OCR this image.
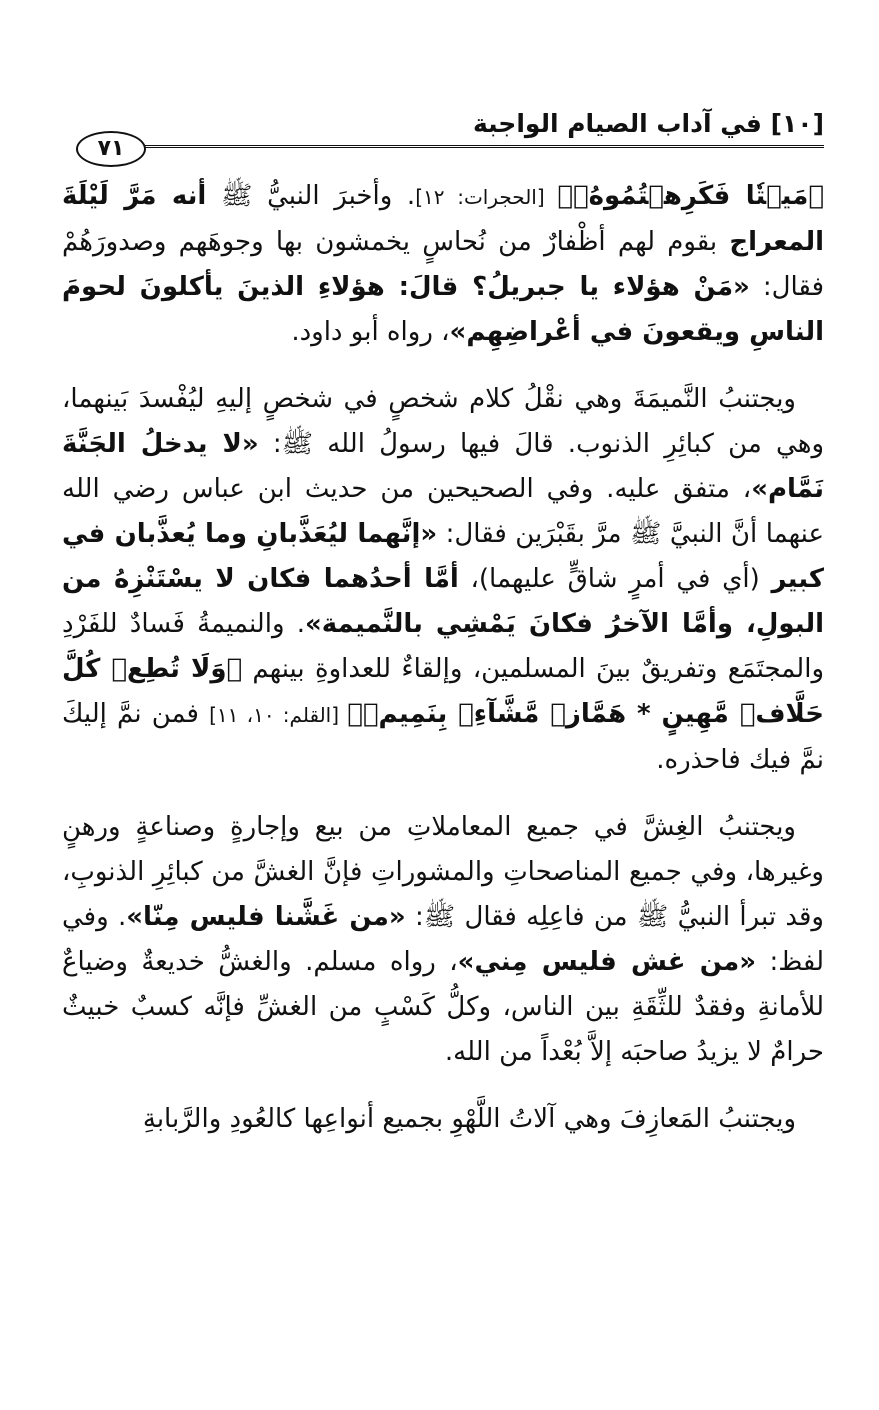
[١٠] في آداب الصيام الواجبة
٧١

﴿مَيۡتٗا فَكَرِهۡتُمُوهُۚ﴾ [الحجرات: ١٢]. وأخبرَ النبيُّ ﷺ أنه مَرَّ لَيْلَةَ المعراج بقوم لهم أظْفارٌ من نُحاسٍ يخمشون بها وجوهَهم وصدورَهُمْ فقال: «مَنْ هؤلاء يا جبريلُ؟ قالَ: هؤلاءِ الذينَ يأكلونَ لحومَ الناسِ ويقعونَ في أعْراضِهِم»، رواه أبو داود.

ويجتنبُ النَّميمَةَ وهي نقْلُ كلام شخصٍ في شخصٍ إليهِ ليُفْسدَ بَينهما، وهي من كبائِرِ الذنوب. قالَ فيها رسولُ الله ﷺ: «لا يدخلُ الجَنَّةَ نَمَّام»، متفق عليه. وفي الصحيحين من حديث ابن عباس رضي الله عنهما أنَّ النبيَّ ﷺ مرَّ بقَبْرَين فقال: «إنَّهما ليُعَذَّبانِ وما يُعذَّبان في كبير (أي في أمرٍ شاقٍّ عليهما)، أمَّا أحدُهما فكان لا يسْتَنْزِهُ من البولِ، وأمَّا الآخرُ فكانَ يَمْشِي بالنَّميمة». والنميمةُ فَسادٌ للفَرْدِ والمجتَمَع وتفريقٌ بينَ المسلمين، وإلقاءٌ للعداوةِ بينهم ﴿وَلَا تُطِعۡ كُلَّ حَلَّافٖ مَّهِينٍ * هَمَّازٖ مَّشَّآءِۭ بِنَمِيمٖ﴾ [القلم: ١٠، ١١] فمن نمَّ إليكَ نمَّ فيك فاحذره.

ويجتنبُ الغِشَّ في جميع المعاملاتِ من بيع وإجارةٍ وصناعةٍ ورهنٍ وغيرها، وفي جميع المناصحاتِ والمشوراتِ فإنَّ الغشَّ من كبائِرِ الذنوبِ، وقد تبرأ النبيُّ ﷺ من فاعِلِه فقال ﷺ: «من غَشَّنا فليس مِنّا». وفي لفظ: «من غش فليس مِني»، رواه مسلم. والغشُّ خديعةٌ وضياعٌ للأمانةِ وفقدٌ للثِّقَةِ بين الناس، وكلُّ كَسْبٍ من الغشِّ فإنَّه كسبٌ خبيثٌ حرامٌ لا يزيدُ صاحبَه إلاَّ بُعْداً من الله.

ويجتنبُ المَعازِفَ وهي آلاتُ اللَّهْوِ بجميع أنواعِها كالعُودِ والرَّبابةِ
